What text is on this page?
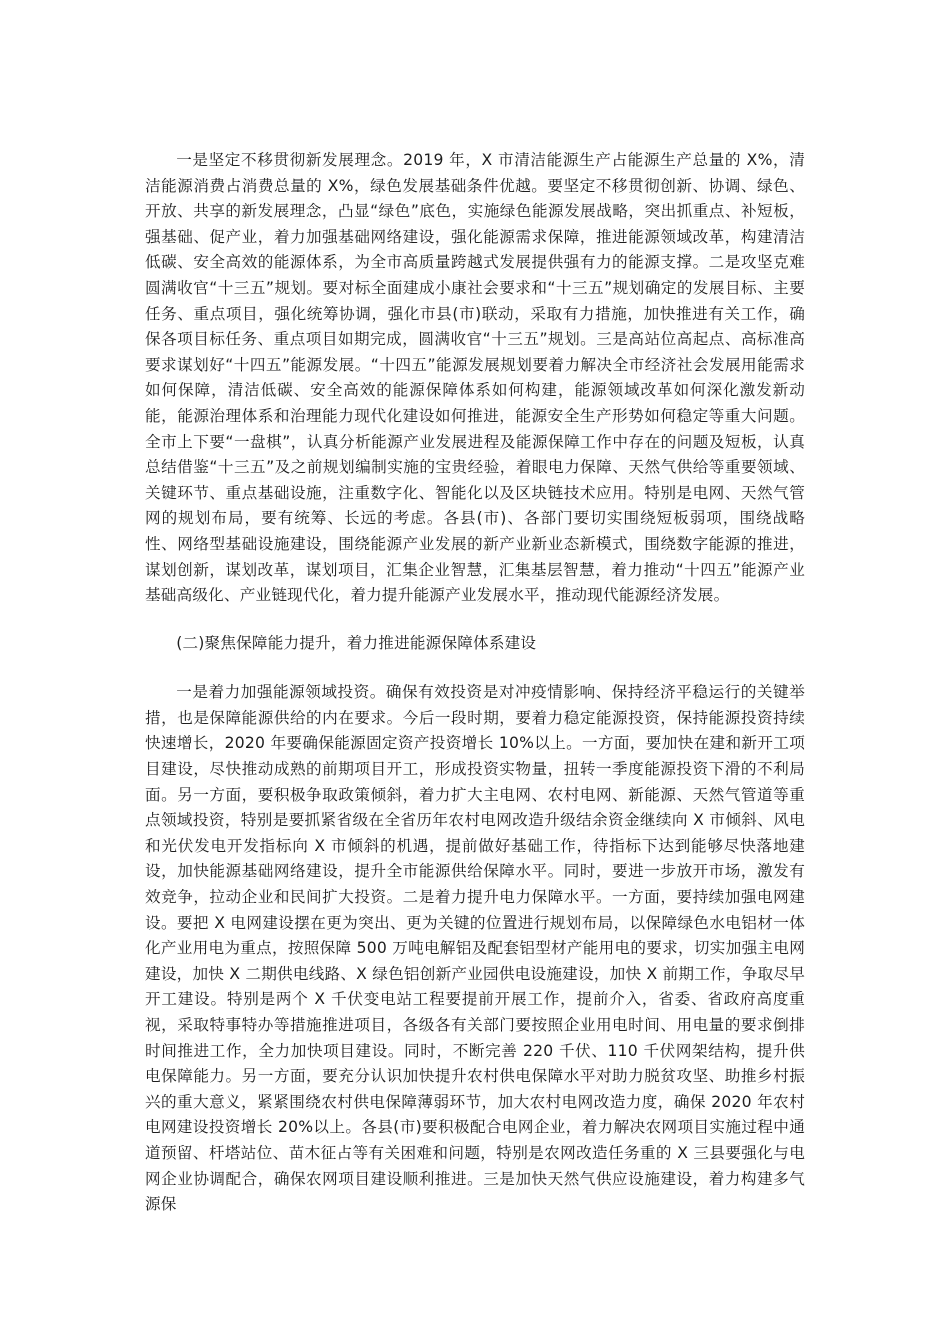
一是坚定不移贯彻新发展理念。2019 年，X 市清洁能源生产占能源生产总量的 X%，清洁能源消费占消费总量的 X%，绿色发展基础条件优越。要坚定不移贯彻创新、协调、绿色、开放、共享的新发展理念，凸显“绿色”底色，实施绿色能源发展战略，突出抓重点、补短板，强基础、促产业，着力加强基础网络建设，强化能源需求保障，推进能源领域改革，构建清洁低碳、安全高效的能源体系，为全市高质量跨越式发展提供强有力的能源支撑。二是攻坚克难圆满收官“十三五”规划。要对标全面建成小康社会要求和“十三五”规划确定的发展目标、主要任务、重点项目，强化统筹协调，强化市县(市)联动，采取有力措施，加快推进有关工作，确保各项目标任务、重点项目如期完成，圆满收官“十三五”规划。三是高站位高起点、高标准高要求谋划好“十四五”能源发展。“十四五”能源发展规划要着力解决全市经济社会发展用能需求如何保障，清洁低碳、安全高效的能源保障体系如何构建，能源领域改革如何深化激发新动能，能源治理体系和治理能力现代化建设如何推进，能源安全生产形势如何稳定等重大问题。全市上下要“一盘棋”，认真分析能源产业发展进程及能源保障工作中存在的问题及短板，认真总结借鉴“十三五”及之前规划编制实施的宝贵经验，着眼电力保障、天然气供给等重要领域、关键环节、重点基础设施，注重数字化、智能化以及区块链技术应用。特别是电网、天然气管网的规划布局，要有统筹、长远的考虑。各县(市)、各部门要切实围绕短板弱项，围绕战略性、网络型基础设施建设，围绕能源产业发展的新产业新业态新模式，围绕数字能源的推进，谋划创新，谋划改革，谋划项目，汇集企业智慧，汇集基层智慧，着力推动“十四五”能源产业基础高级化、产业链现代化，着力提升能源产业发展水平，推动现代能源经济发展。

(二)聚焦保障能力提升，着力推进能源保障体系建设

一是着力加强能源领域投资。确保有效投资是对冲疫情影响、保持经济平稳运行的关键举措，也是保障能源供给的内在要求。今后一段时期，要着力稳定能源投资，保持能源投资持续快速增长，2020 年要确保能源固定资产投资增长 10%以上。一方面，要加快在建和新开工项目建设，尽快推动成熟的前期项目开工，形成投资实物量，扭转一季度能源投资下滑的不利局面。另一方面，要积极争取政策倾斜，着力扩大主电网、农村电网、新能源、天然气管道等重点领域投资，特别是要抓紧省级在全省历年农村电网改造升级结余资金继续向 X 市倾斜、风电和光伏发电开发指标向 X 市倾斜的机遇，提前做好基础工作，待指标下达到能够尽快落地建设，加快能源基础网络建设，提升全市能源供给保障水平。同时，要进一步放开市场，激发有效竞争，拉动企业和民间扩大投资。二是着力提升电力保障水平。一方面，要持续加强电网建设。要把 X 电网建设摆在更为突出、更为关键的位置进行规划布局，以保障绿色水电铝材一体化产业用电为重点，按照保障 500 万吨电解铝及配套铝型材产能用电的要求，切实加强主电网建设，加快 X 二期供电线路、X 绿色铝创新产业园供电设施建设，加快 X 前期工作，争取尽早开工建设。特别是两个 X 千伏变电站工程要提前开展工作，提前介入，省委、省政府高度重视，采取特事特办等措施推进项目，各级各有关部门要按照企业用电时间、用电量的要求倒排时间推进工作，全力加快项目建设。同时，不断完善 220 千伏、110 千伏网架结构，提升供电保障能力。另一方面，要充分认识加快提升农村供电保障水平对助力脱贫攻坚、助推乡村振兴的重大意义，紧紧围绕农村供电保障薄弱环节，加大农村电网改造力度，确保 2020 年农村电网建设投资增长 20%以上。各县(市)要积极配合电网企业，着力解决农网项目实施过程中通道预留、杆塔站位、苗木征占等有关困难和问题，特别是农网改造任务重的 X 三县要强化与电网企业协调配合，确保农网项目建设顺利推进。三是加快天然气供应设施建设，着力构建多气源保
